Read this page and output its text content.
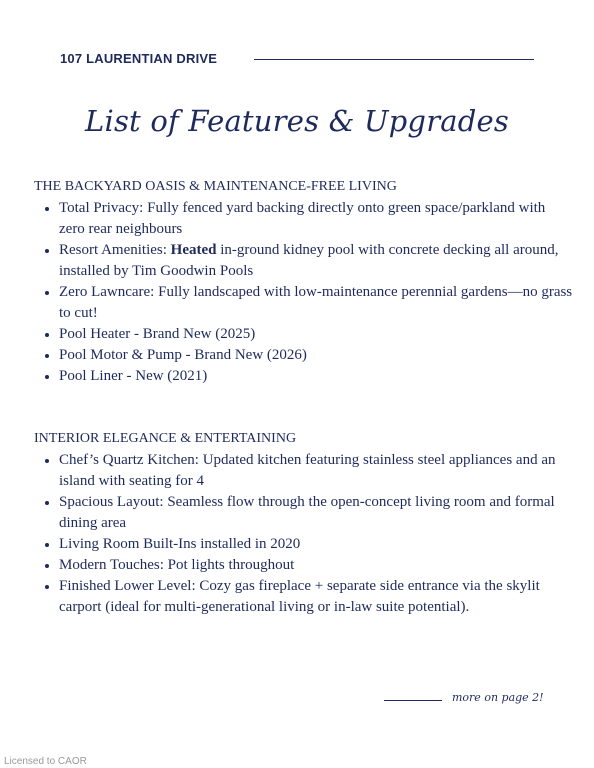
107 LAURENTIAN DRIVE
List of Features & Upgrades
THE BACKYARD OASIS & MAINTENANCE-FREE LIVING
Total Privacy: Fully fenced yard backing directly onto green space/parkland with zero rear neighbours
Resort Amenities: Heated in-ground kidney pool with concrete decking all around, installed by Tim Goodwin Pools
Zero Lawncare: Fully landscaped with low-maintenance perennial gardens—no grass to cut!
Pool Heater - Brand New (2025)
Pool Motor & Pump - Brand New (2026)
Pool Liner - New (2021)
INTERIOR ELEGANCE & ENTERTAINING
Chef’s Quartz Kitchen: Updated kitchen featuring stainless steel appliances and an island with seating for 4
Spacious Layout: Seamless flow through the open-concept living room and formal dining area
Living Room Built-Ins installed in 2020
Modern Touches: Pot lights throughout
Finished Lower Level: Cozy gas fireplace + separate side entrance via the skylit carport (ideal for multi-generational living or in-law suite potential).
more on page 2!
Licensed to CAOR
